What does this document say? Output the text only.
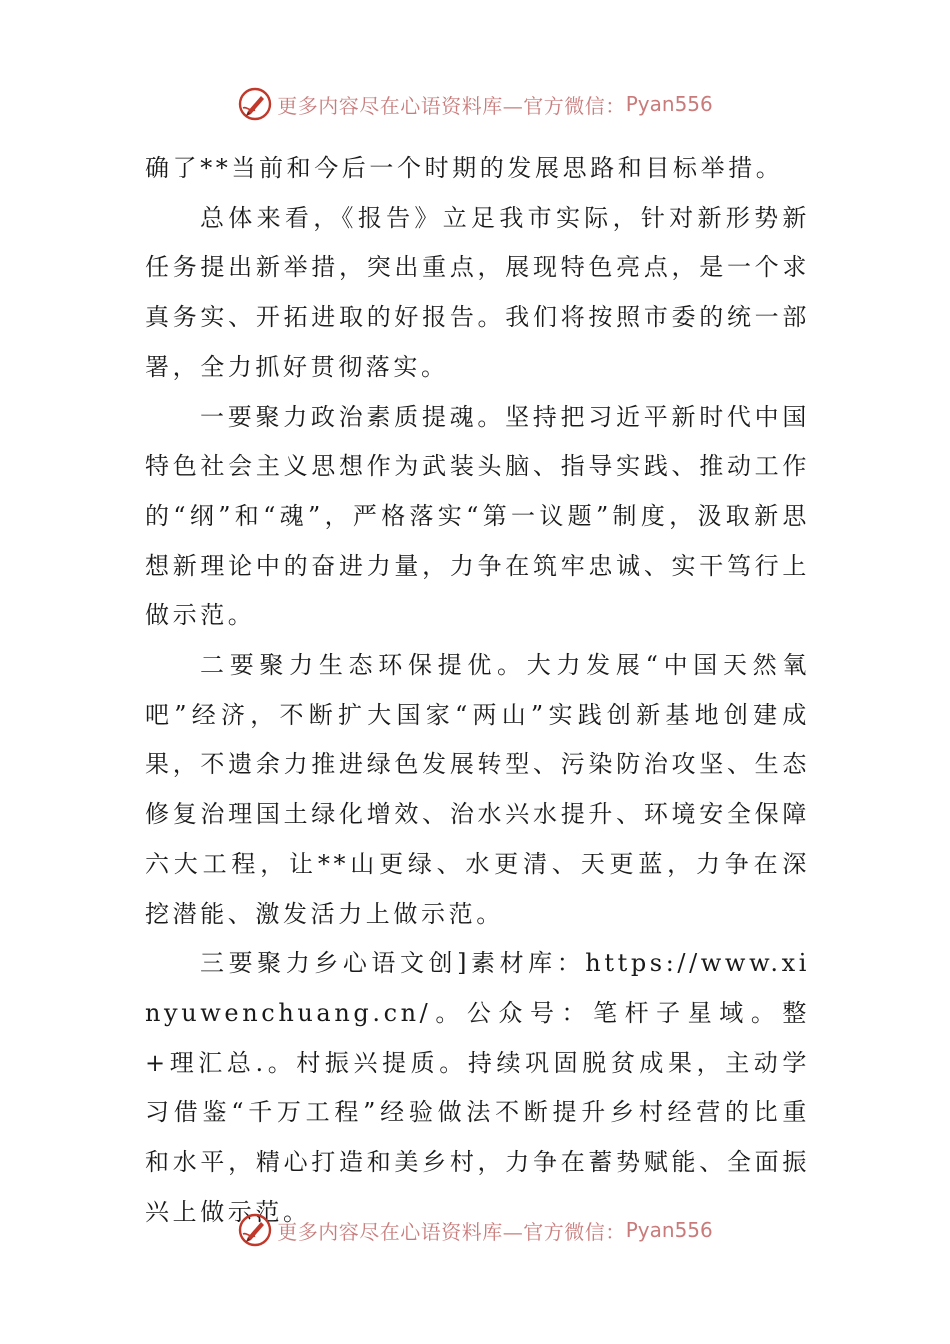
更多内容尽在心语资料库—官方微信： Pyan556

确了**当前和今后一个时期的发展思路和目标举措。

总体来看，《报告》立足我市实际，针对新形势新任务提出新举措，突出重点，展现特色亮点，是一个求真务实、开拓进取的好报告。我们将按照市委的统一部署，全力抓好贯彻落实。

一要聚力政治素质提魂。坚持把习近平新时代中国特色社会主义思想作为武装头脑、指导实践、推动工作的“纲”和“魂”，严格落实“第一议题”制度，汲取新思想新理论中的奋进力量，力争在筑牢忠诚、实干笃行上做示范。

二要聚力生态环保提优。大力发展“中国天然氧吧”经济，不断扩大国家“两山”实践创新基地创建成果，不遗余力推进绿色发展转型、污染防治攻坚、生态修复治理国土绿化增效、治水兴水提升、环境安全保障六大工程，让**山更绿、水更清、天更蓝，力争在深挖潜能、激发活力上做示范。

三要聚力乡心语文创]素材库：https://www.xinyuwenchuang.cn/。公众号：笔杆子星域。整+理汇总.。村振兴提质。持续巩固脱贫成果，主动学习借鉴“千万工程”经验做法不断提升乡村经营的比重和水平，精心打造和美乡村，力争在蓄势赋能、全面振兴上做示范。

更多内容尽在心语资料库—官方微信： Pyan556
